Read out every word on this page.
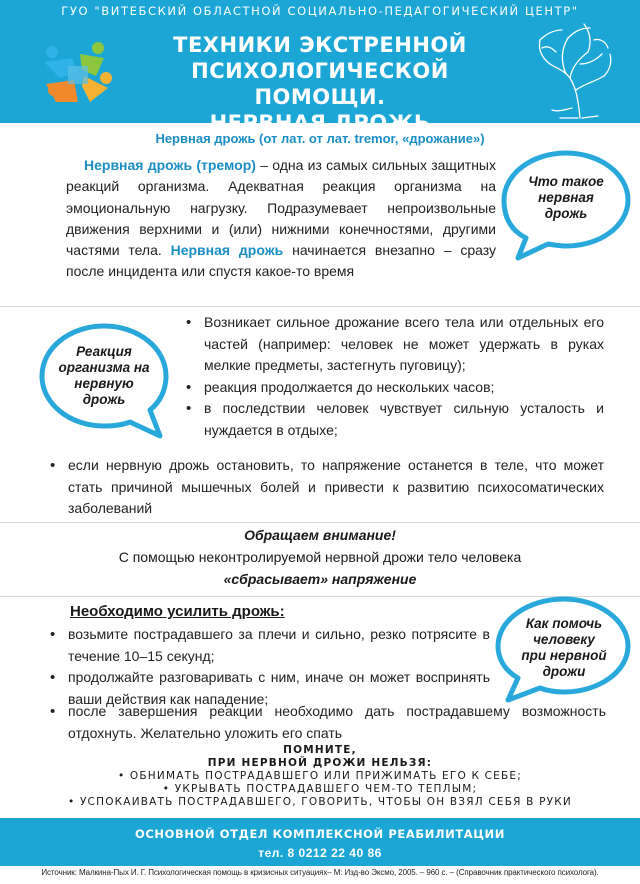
ГУО "ВИТЕБСКИЙ ОБЛАСТНОЙ СОЦИАЛЬНО-ПЕДАГОГИЧЕСКИЙ ЦЕНТР"
ТЕХНИКИ ЭКСТРЕННОЙ
ПСИХОЛОГИЧЕСКОЙ ПОМОЩИ.
НЕРВНАЯ ДРОЖЬ
Нервная дрожь (от лат. от лат. tremor, «дрожание»)

Нервная дрожь (тремор) – одна из самых сильных защитных реакций организма. Адекватная реакция организма на эмоциональную нагрузку. Подразумевает непроизвольные движения верхними и (или) нижними конечностями, другими частями тела. Нервная дрожь начинается внезапно – сразу после инцидента или спустя какое-то время

Что такое
нервная
дрожь
Реакция
организма на
нервную
дрожь
• Возникает сильное дрожание всего тела или отдельных его частей (например: человек не может удержать в руках мелкие предметы, застегнуть пуговицу);
• реакция продолжается до нескольких часов;
• в последствии человек чувствует сильную усталость и нуждается в отдыхе;
• если нервную дрожь остановить, то напряжение останется в теле, что может стать причиной мышечных болей и привести к развитию психосоматических заболеваний
Обращаем внимание!
С помощью неконтролируемой нервной дрожи тело человека
«сбрасывает» напряжение
Необходимо усилить дрожь:
• возьмите пострадавшего за плечи и сильно, резко потрясите в течение 10–15 секунд;
• продолжайте разговаривать с ним, иначе он может воспринять ваши действия как нападение;
• после завершения реакции необходимо дать пострадавшему возможность отдохнуть. Желательно уложить его спать
Как помочь
человеку
при нервной
дрожи
ПОМНИТЕ,
ПРИ НЕРВНОЙ ДРОЖИ НЕЛЬЗЯ:
• ОБНИМАТЬ ПОСТРАДАВШЕГО ИЛИ ПРИЖИМАТЬ ЕГО К СЕБЕ;
• УКРЫВАТЬ ПОСТРАДАВШЕГО ЧЕМ-ТО ТЕПЛЫМ;
• УСПОКАИВАТЬ ПОСТРАДАВШЕГО, ГОВОРИТЬ, ЧТОБЫ ОН ВЗЯЛ СЕБЯ В РУКИ
ОСНОВНОЙ ОТДЕЛ КОМПЛЕКСНОЙ РЕАБИЛИТАЦИИ
тел. 8 0212 22 40 86
Источник: Малкина-Пых И. Г. Психологическая помощь в кризисных ситуациях– М: Изд-во Эксмо, 2005. – 960 с. – (Справочник практического психолога).
